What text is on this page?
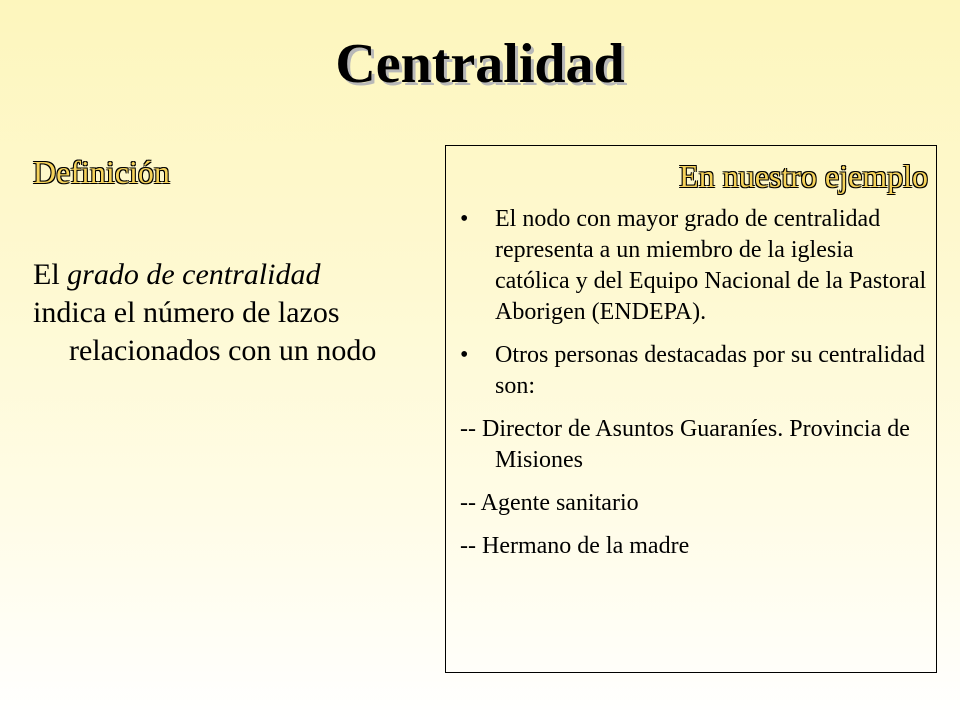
Centralidad

Definición

El grado de centralidad

indica el número de lazos relacionados con un nodo

En nuestro ejemplo

• El nodo con mayor grado de centralidad representa a un miembro de la iglesia católica y del Equipo Nacional de la Pastoral Aborigen (ENDEPA).
• Otros personas destacadas por su centralidad son:

-- Director de Asuntos Guaraníes. Provincia de Misiones

-- Agente sanitario

-- Hermano de la madre
